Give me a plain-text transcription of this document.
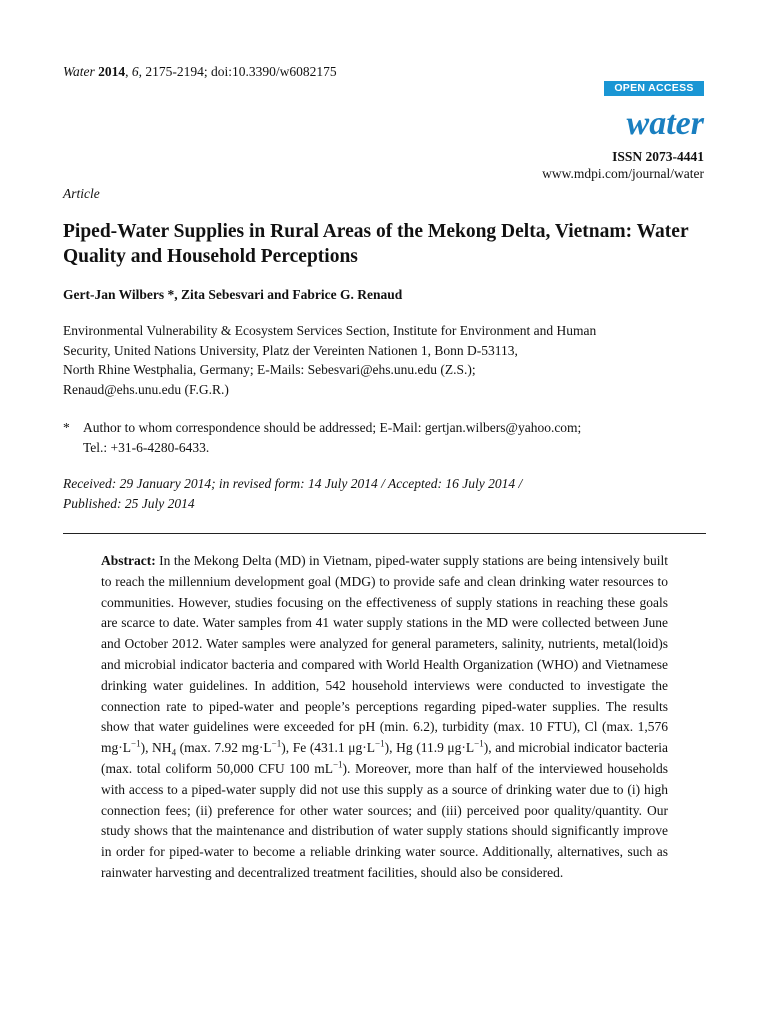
Water 2014, 6, 2175-2194; doi:10.3390/w6082175
OPEN ACCESS
water
ISSN 2073-4441
www.mdpi.com/journal/water
Article
Piped-Water Supplies in Rural Areas of the Mekong Delta, Vietnam: Water Quality and Household Perceptions
Gert-Jan Wilbers *, Zita Sebesvari and Fabrice G. Renaud
Environmental Vulnerability & Ecosystem Services Section, Institute for Environment and Human
Security, United Nations University, Platz der Vereinten Nationen 1, Bonn D-53113,
North Rhine Westphalia, Germany; E-Mails: Sebesvari@ehs.unu.edu (Z.S.);
Renaud@ehs.unu.edu (F.G.R.)
* Author to whom correspondence should be addressed; E-Mail: gertjan.wilbers@yahoo.com;
Tel.: +31-6-4280-6433.
Received: 29 January 2014; in revised form: 14 July 2014 / Accepted: 16 July 2014 /
Published: 25 July 2014
Abstract: In the Mekong Delta (MD) in Vietnam, piped-water supply stations are being intensively built to reach the millennium development goal (MDG) to provide safe and clean drinking water resources to communities. However, studies focusing on the effectiveness of supply stations in reaching these goals are scarce to date. Water samples from 41 water supply stations in the MD were collected between June and October 2012. Water samples were analyzed for general parameters, salinity, nutrients, metal(loid)s and microbial indicator bacteria and compared with World Health Organization (WHO) and Vietnamese drinking water guidelines. In addition, 542 household interviews were conducted to investigate the connection rate to piped-water and people’s perceptions regarding piped-water supplies. The results show that water guidelines were exceeded for pH (min. 6.2), turbidity (max. 10 FTU), Cl (max. 1,576 $mg\cdot L^{-1}$), $NH_4$ (max. 7.92 $mg\cdot L^{-1}$), Fe (431.1 $\mu g\cdot L^{-1}$), Hg (11.9 $\mu g\cdot L^{-1}$), and microbial indicator bacteria (max. total coliform 50,000 CFU 100 $mL^{-1}$). Moreover, more than half of the interviewed households with access to a piped-water supply did not use this supply as a source of drinking water due to (i) high connection fees; (ii) preference for other water sources; and (iii) perceived poor quality/quantity. Our study shows that the maintenance and distribution of water supply stations should significantly improve in order for piped-water to become a reliable drinking water source. Additionally, alternatives, such as rainwater harvesting and decentralized treatment facilities, should also be considered.
